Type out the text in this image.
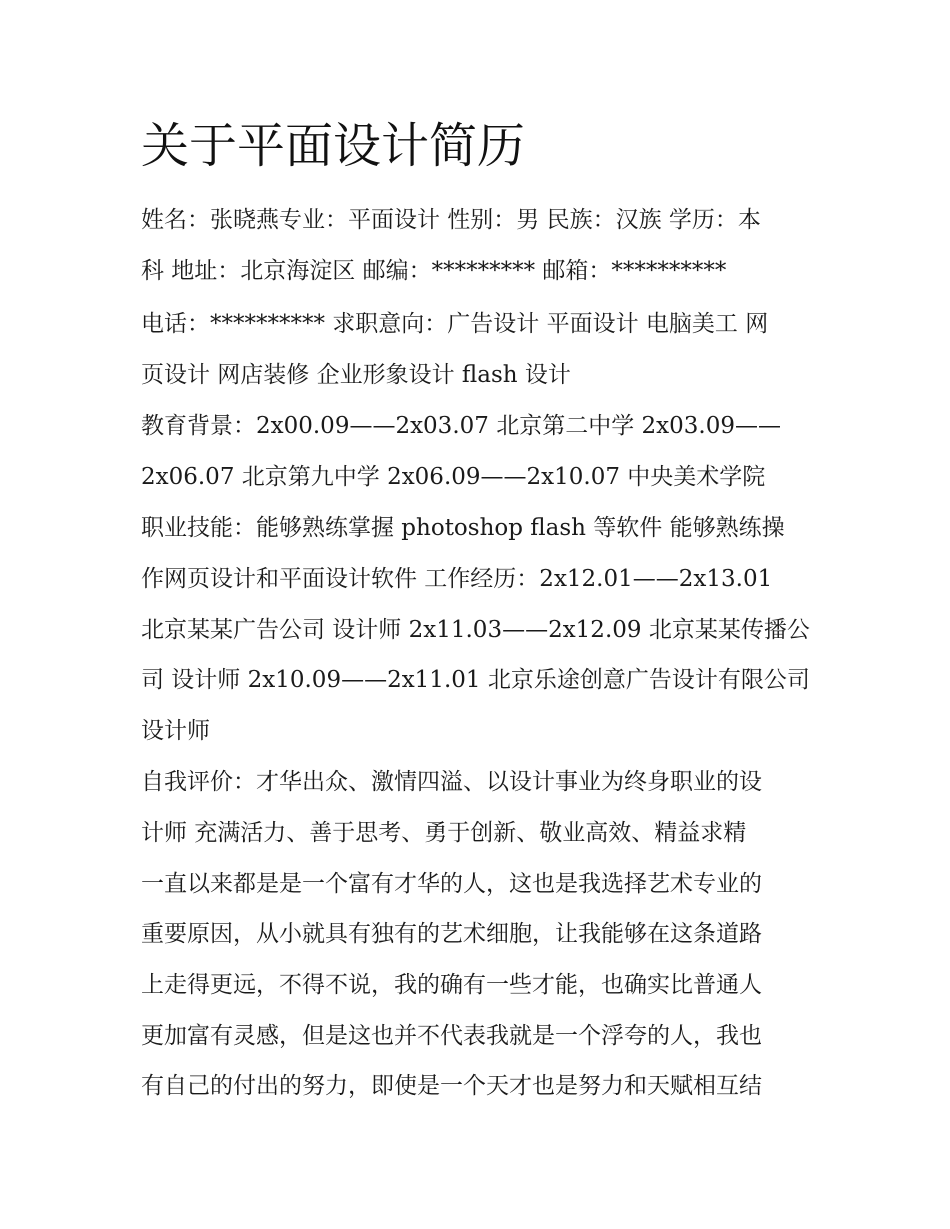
关于平面设计简历

姓名：张晓燕专业：平面设计 性别：男 民族：汉族 学历：本

科 地址：北京海淀区 邮编：********* 邮箱：**********

电话：********** 求职意向：广告设计 平面设计 电脑美工 网

页设计 网店装修 企业形象设计 flash 设计

教育背景：2x00.09——2x03.07 北京第二中学 2x03.09——

2x06.07 北京第九中学 2x06.09——2x10.07 中央美术学院

职业技能：能够熟练掌握 photoshop flash 等软件 能够熟练操

作网页设计和平面设计软件 工作经历：2x12.01——2x13.01

北京某某广告公司 设计师 2x11.03——2x12.09 北京某某传播公

司 设计师 2x10.09——2x11.01 北京乐途创意广告设计有限公司

设计师

自我评价：才华出众、激情四溢、以设计事业为终身职业的设

计师 充满活力、善于思考、勇于创新、敬业高效、精益求精

一直以来都是是一个富有才华的人，这也是我选择艺术专业的

重要原因，从小就具有独有的艺术细胞，让我能够在这条道路

上走得更远，不得不说，我的确有一些才能，也确实比普通人

更加富有灵感，但是这也并不代表我就是一个浮夸的人，我也

有自己的付出的努力，即使是一个天才也是努力和天赋相互结
